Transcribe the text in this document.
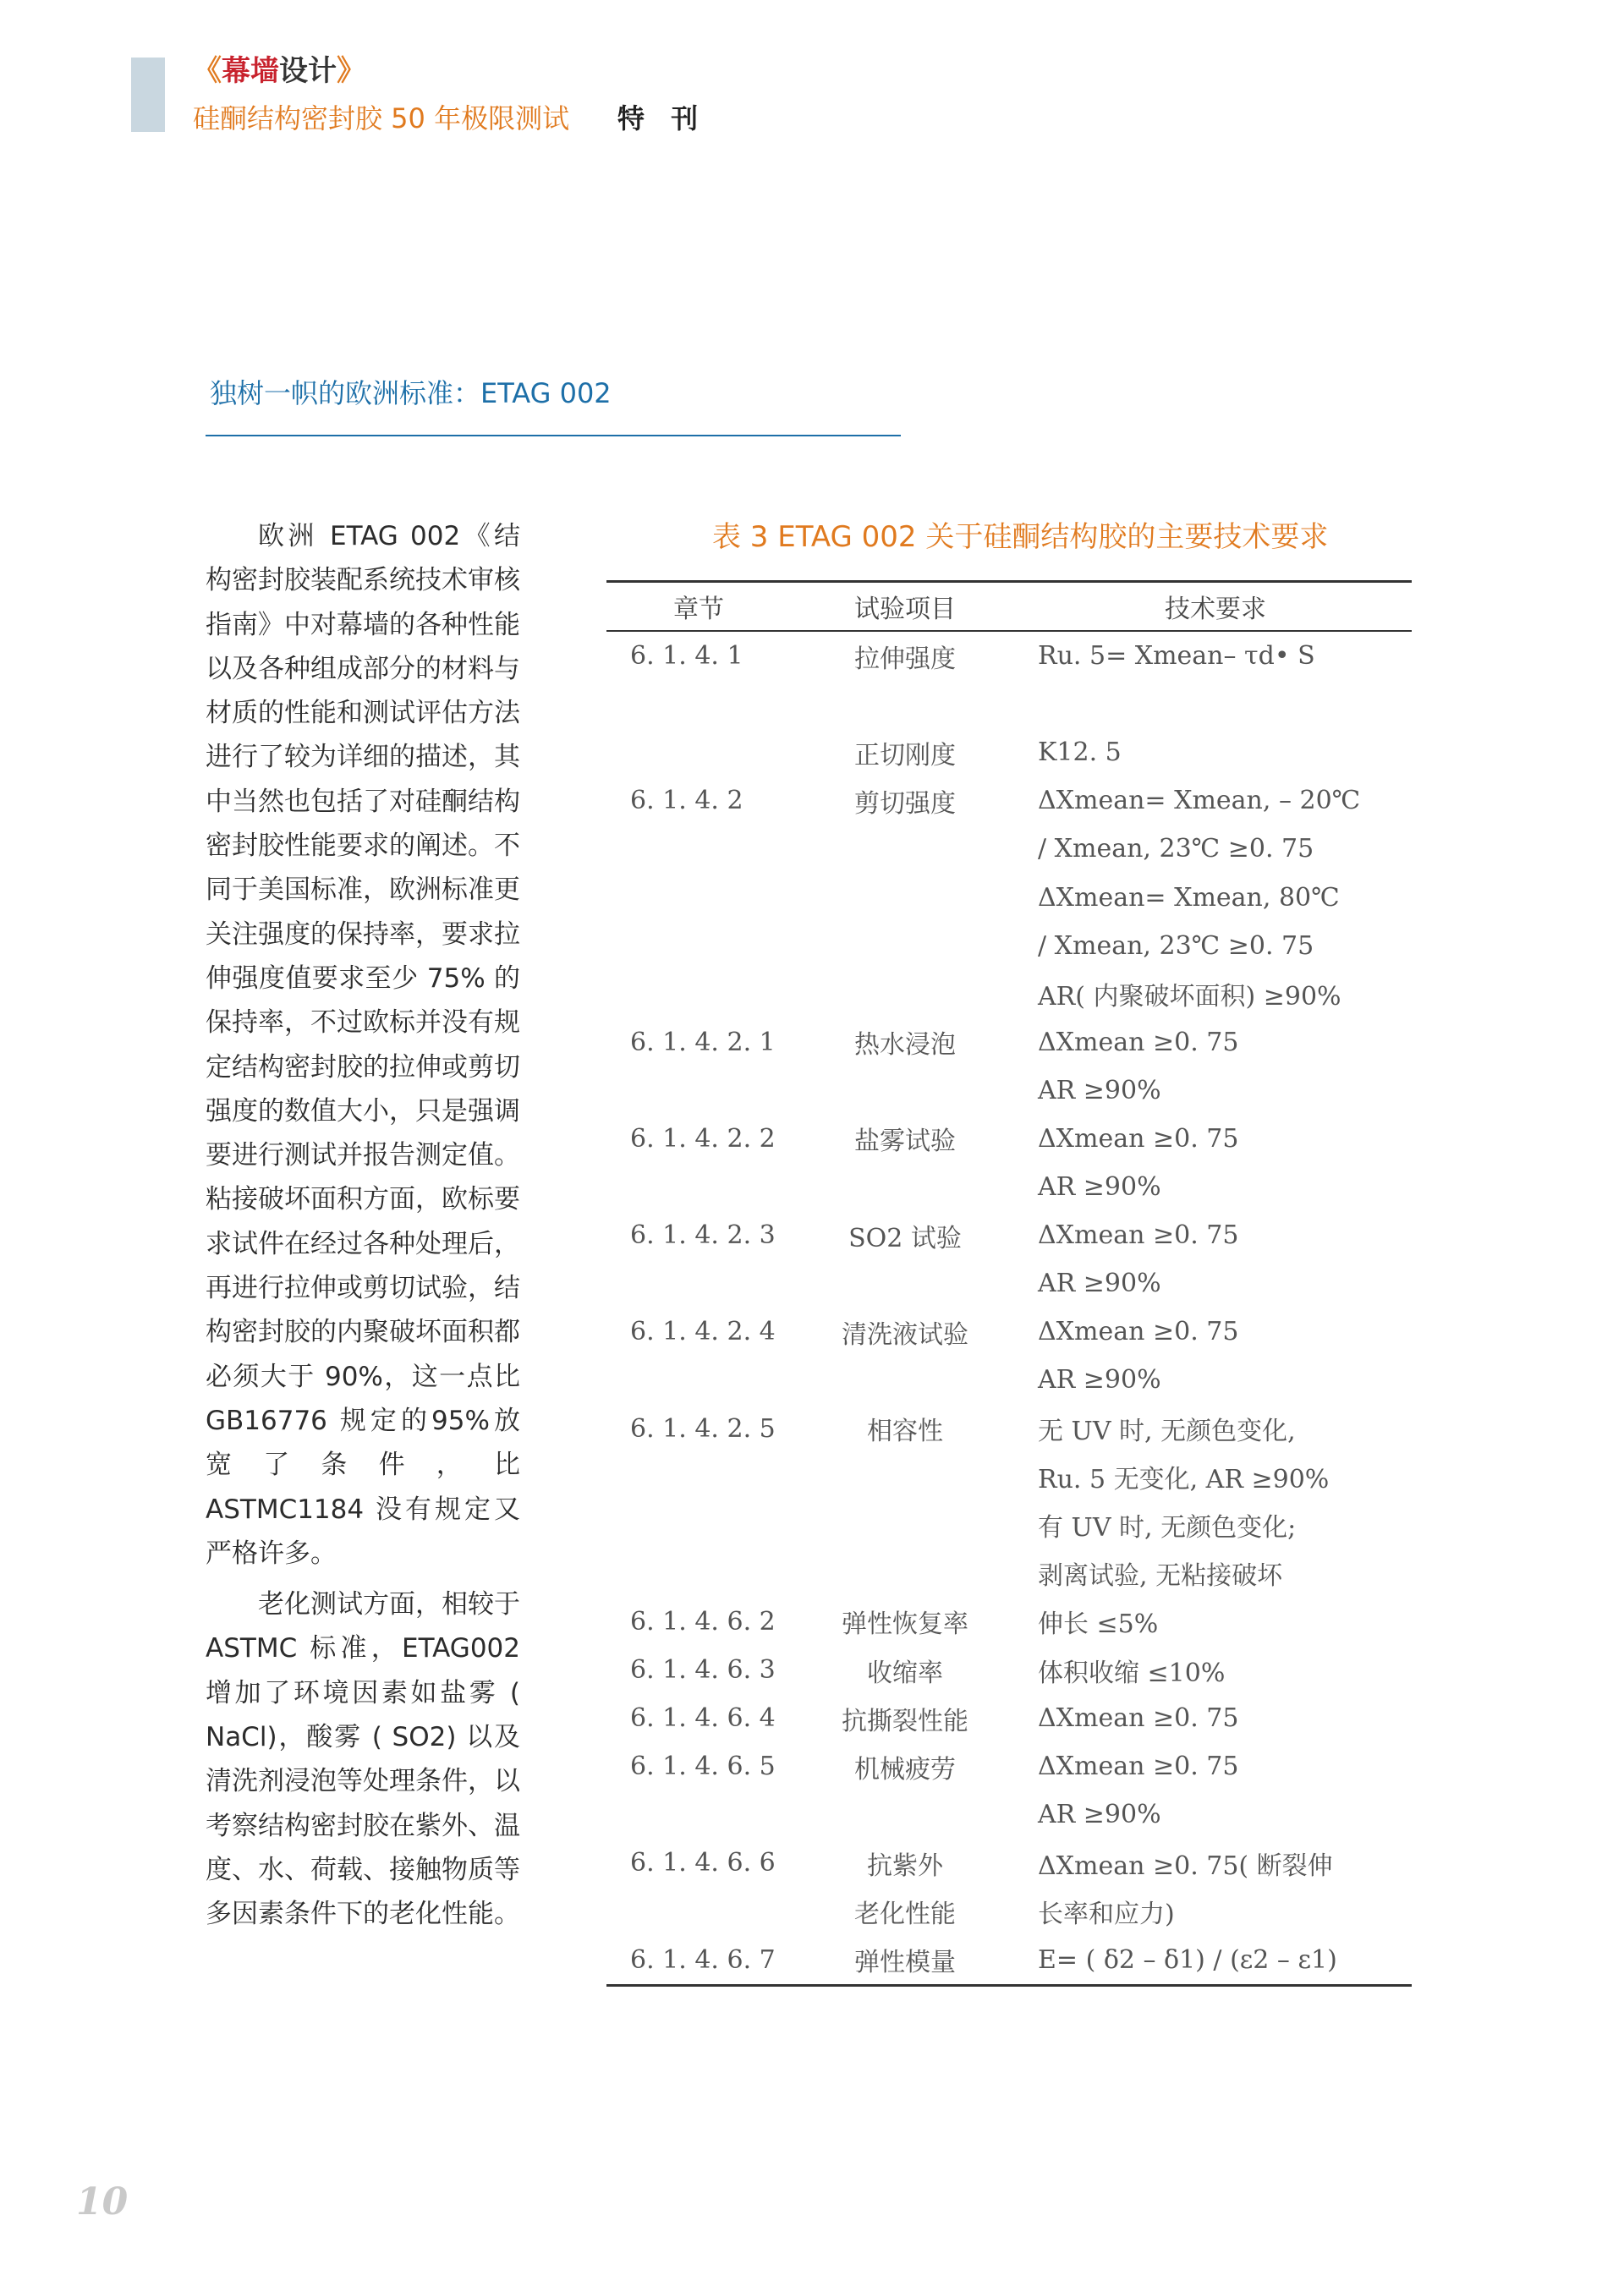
《幕墙设计》
硅酮结构密封胶 50 年极限测试 特 刊
独树一帜的欧洲标准：ETAG 002

欧洲 ETAG 002《结构密封胶装配系统技术审核指南》中对幕墙的各种性能以及各种组成部分的材料与材质的性能和测试评估方法进行了较为详细的描述，其中当然也包括了对硅酮结构密封胶性能要求的阐述。不同于美国标准，欧洲标准更关注强度的保持率，要求拉伸强度值要求至少 75% 的保持率，不过欧标并没有规定结构密封胶的拉伸或剪切强度的数值大小，只是强调要进行测试并报告测定值。粘接破坏面积方面，欧标要求试件在经过各种处理后，再进行拉伸或剪切试验，结构密封胶的内聚破坏面积都必须大于 90%，这一点比 GB16776 规定的95%放宽了条件，比 ASTMC1184 没有规定又严格许多。

老化测试方面，相较于 ASTMC 标准，ETAG002 增加了环境因素如盐雾 ( NaCl)，酸雾 ( SO2) 以及清洗剂浸泡等处理条件，以考察结构密封胶在紫外、温度、水、荷载、接触物质等多因素条件下的老化性能。

表 3 ETAG 002 关于硅酮结构胶的主要技术要求
章节	试验项目	技术要求
6. 1. 4. 1	拉伸强度	Ru. 5= Xmean– τd• S

	正切刚度	K12. 5
6. 1. 4. 2	剪切强度	ΔXmean= Xmean, – 20℃
		/ Xmean, 23℃ ≥0. 75
		ΔXmean= Xmean, 80℃
		/ Xmean, 23℃ ≥0. 75
		AR( 内聚破坏面积) ≥90%
6. 1. 4. 2. 1	热水浸泡	ΔXmean ≥0. 75
		AR ≥90%
6. 1. 4. 2. 2	盐雾试验	ΔXmean ≥0. 75
		AR ≥90%
6. 1. 4. 2. 3	SO2 试验	ΔXmean ≥0. 75
		AR ≥90%
6. 1. 4. 2. 4	清洗液试验	ΔXmean ≥0. 75
		AR ≥90%
6. 1. 4. 2. 5	相容性	无 UV 时, 无颜色变化,
		Ru. 5 无变化, AR ≥90%
		有 UV 时, 无颜色变化;
		剥离试验, 无粘接破坏
6. 1. 4. 6. 2	弹性恢复率	伸长 ≤5%
6. 1. 4. 6. 3	收缩率	体积收缩 ≤10%
6. 1. 4. 6. 4	抗撕裂性能	ΔXmean ≥0. 75
6. 1. 4. 6. 5	机械疲劳	ΔXmean ≥0. 75
		AR ≥90%
6. 1. 4. 6. 6	抗紫外	ΔXmean ≥0. 75( 断裂伸
	老化性能	长率和应力)
6. 1. 4. 6. 7	弹性模量	E= ( δ2 – δ1) / (ε2 – ε1)
10
